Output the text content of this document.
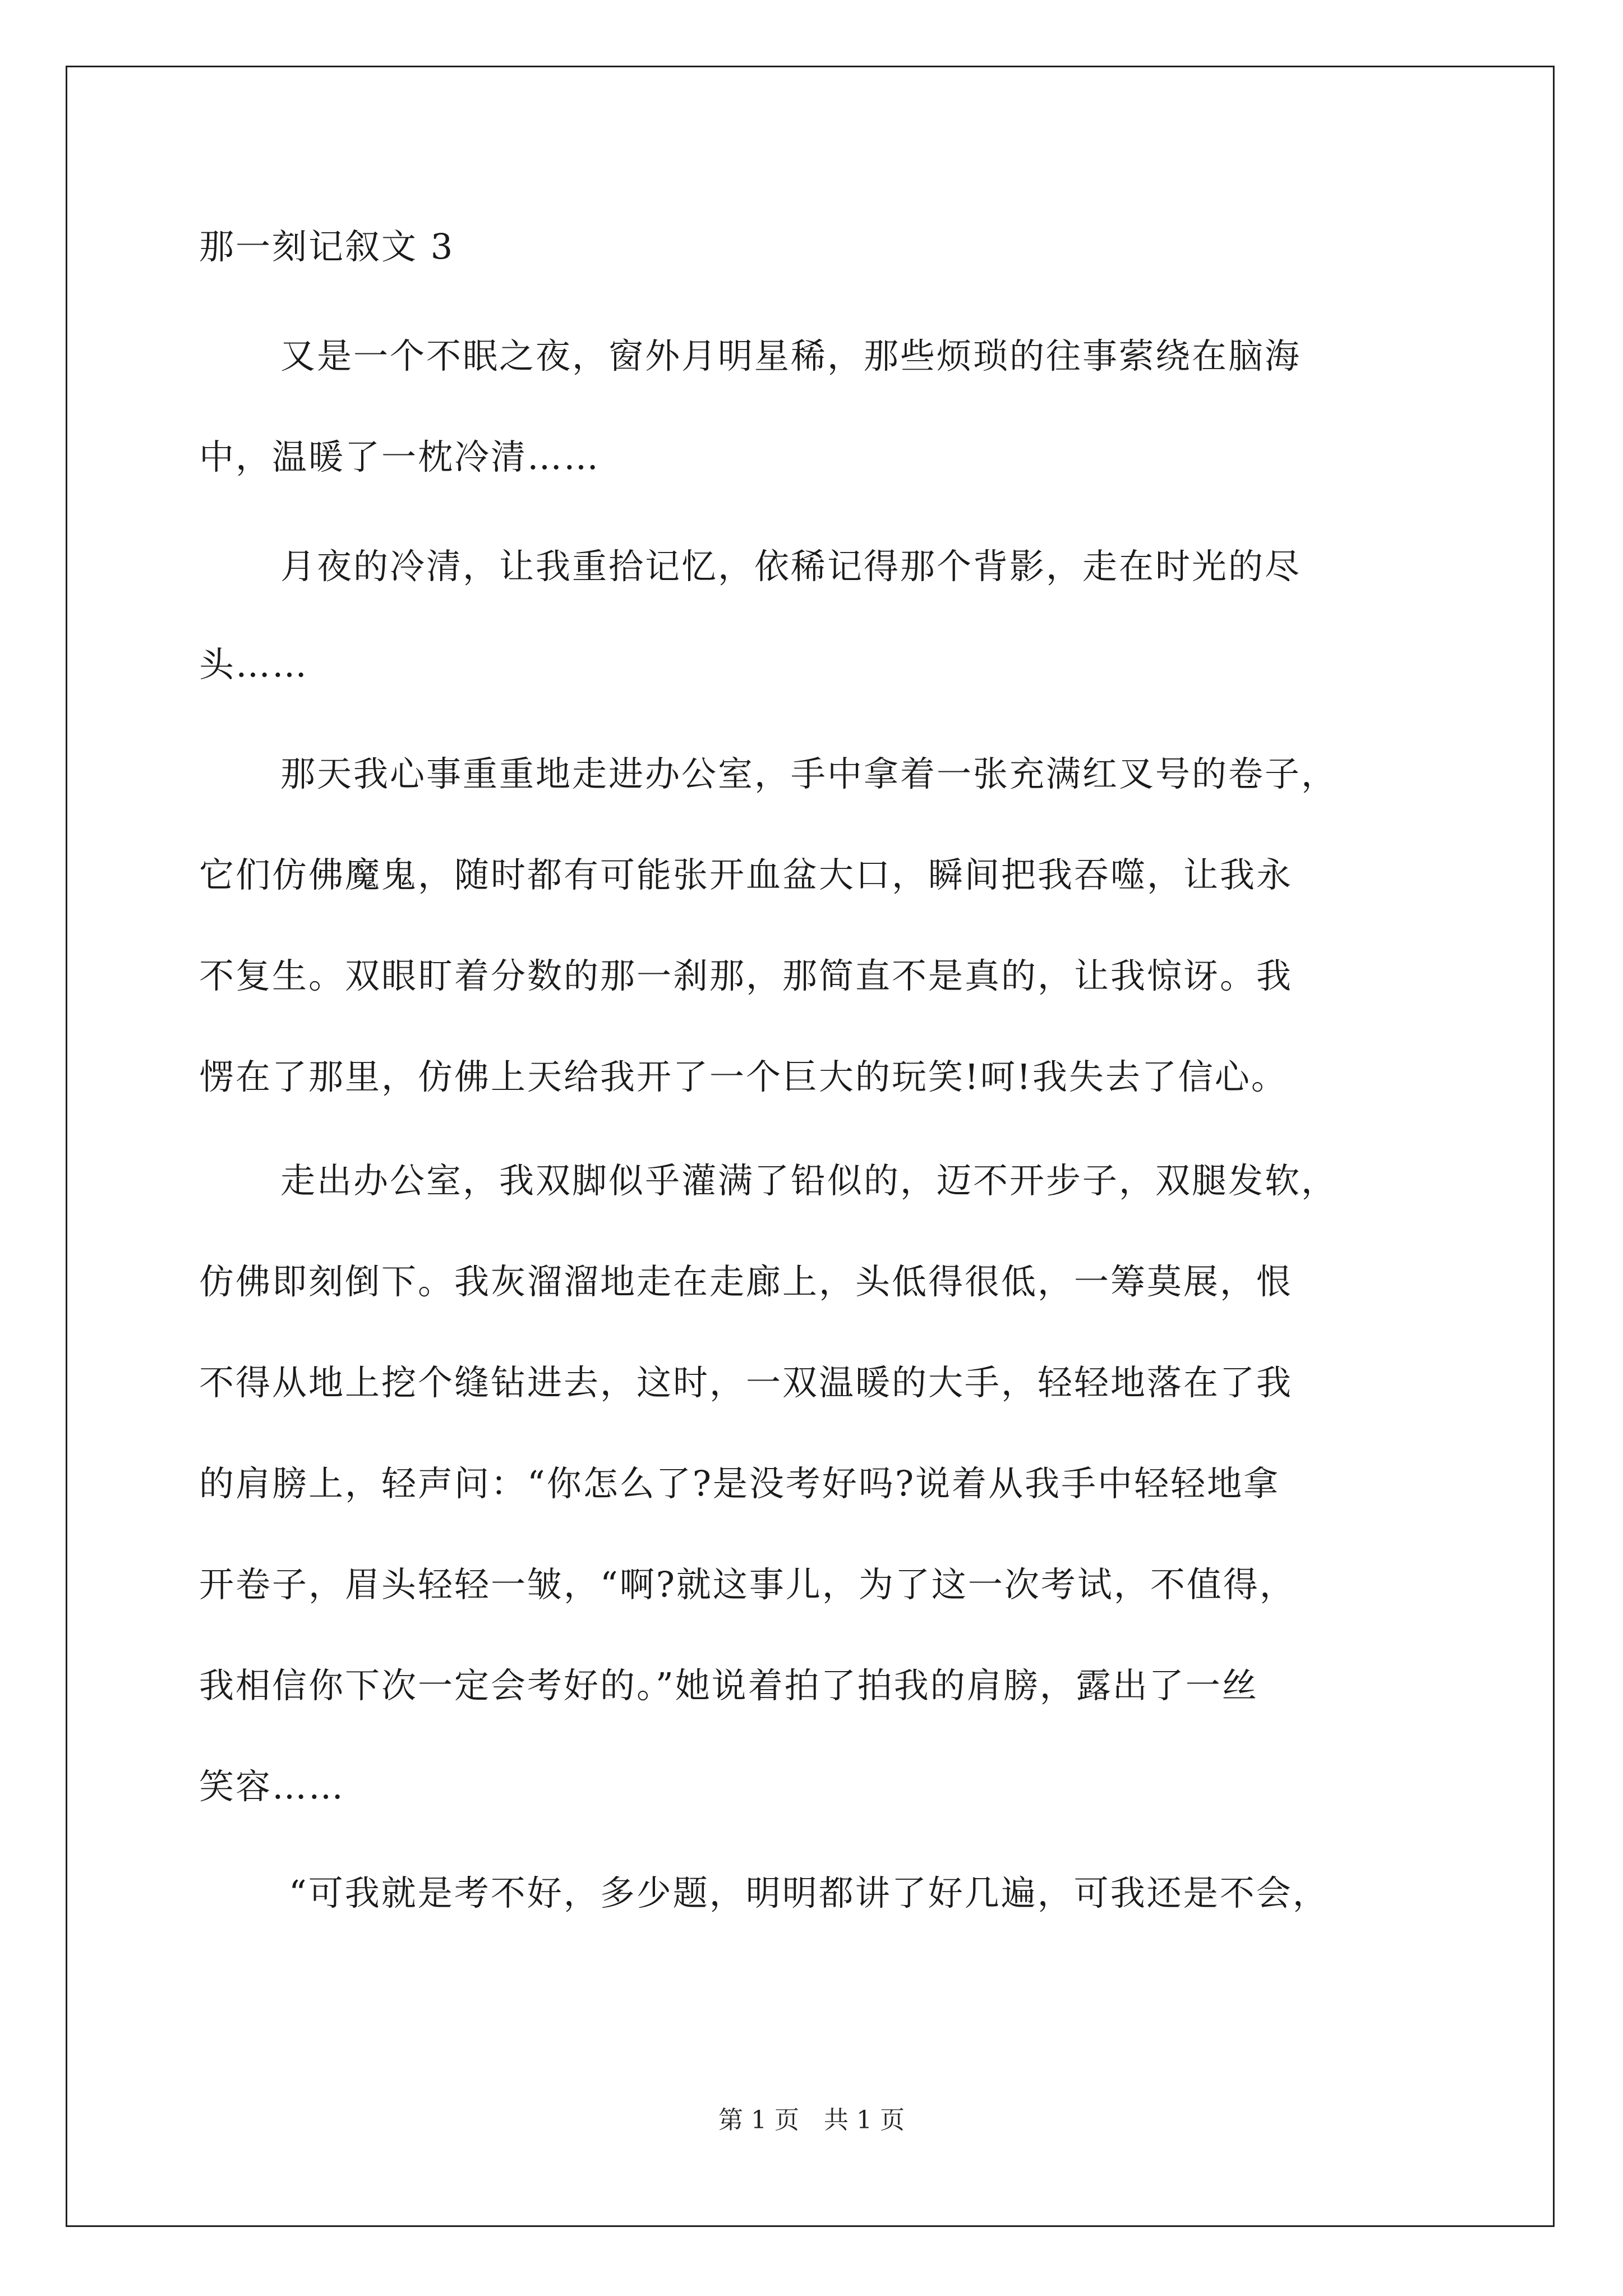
那一刻记叙文 3
又是一个不眠之夜，窗外月明星稀，那些烦琐的往事萦绕在脑海
中，温暖了一枕冷清……
月夜的冷清，让我重拾记忆，依稀记得那个背影，走在时光的尽
头……
那天我心事重重地走进办公室，手中拿着一张充满红叉号的卷子，
它们仿佛魔鬼，随时都有可能张开血盆大口，瞬间把我吞噬，让我永
不复生。双眼盯着分数的那一刹那，那简直不是真的，让我惊讶。我
愣在了那里，仿佛上天给我开了一个巨大的玩笑!呵!我失去了信心。
走出办公室，我双脚似乎灌满了铅似的，迈不开步子，双腿发软，
仿佛即刻倒下。我灰溜溜地走在走廊上，头低得很低，一筹莫展，恨
不得从地上挖个缝钻进去，这时，一双温暖的大手，轻轻地落在了我
的肩膀上，轻声问：“你怎么了?是没考好吗?说着从我手中轻轻地拿
开卷子，眉头轻轻一皱，“啊?就这事儿，为了这一次考试，不值得，
我相信你下次一定会考好的。”她说着拍了拍我的肩膀，露出了一丝
笑容……
“可我就是考不好，多少题，明明都讲了好几遍，可我还是不会，
第 1 页　共 1 页
